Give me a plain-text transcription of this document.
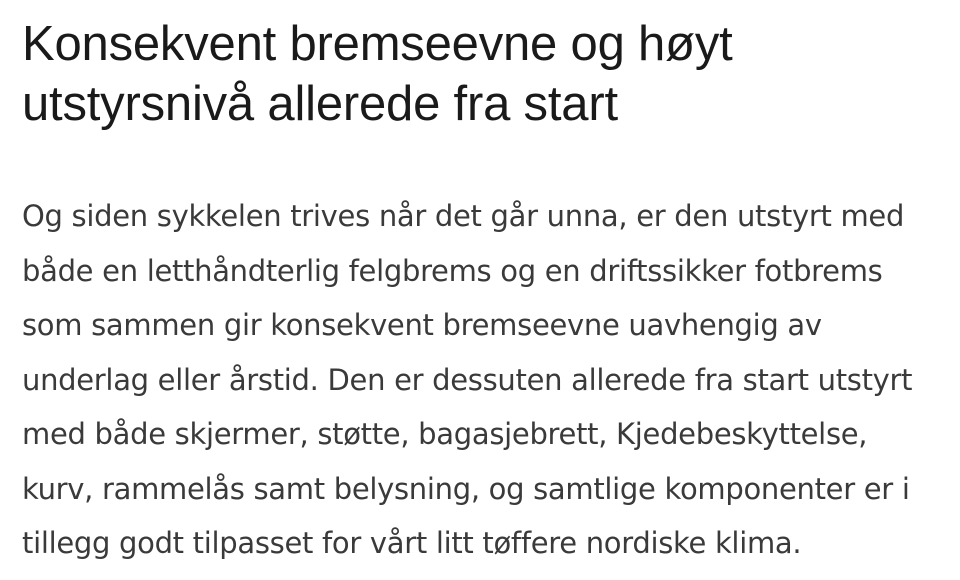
Konsekvent bremseevne og høyt
utstyrsnivå allerede fra start

Og siden sykkelen trives når det går unna, er den utstyrt med
både en letthåndterlig felgbrems og en driftssikker fotbrems
som sammen gir konsekvent bremseevne uavhengig av
underlag eller årstid. Den er dessuten allerede fra start utstyrt
med både skjermer, støtte, bagasjebrett, Kjedebeskyttelse,
kurv, rammelås samt belysning, og samtlige komponenter er i
tillegg godt tilpasset for vårt litt tøffere nordiske klima.
